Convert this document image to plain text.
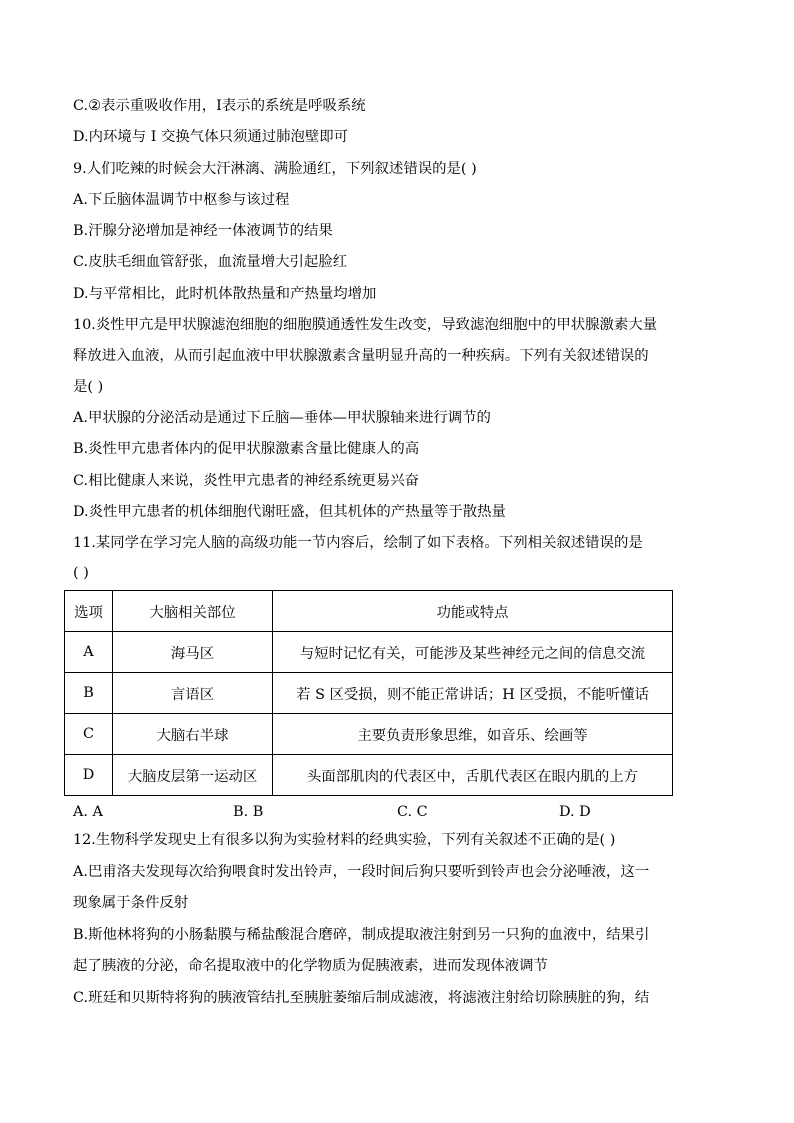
C.②表示重吸收作用，I表示的系统是呼吸系统
D.内环境与 I 交换气体只须通过肺泡壁即可
9.人们吃辣的时候会大汗淋漓、满脸通红，下列叙述错误的是( )
A.下丘脑体温调节中枢参与该过程
B.汗腺分泌增加是神经一体液调节的结果
C.皮肤毛细血管舒张，血流量增大引起脸红
D.与平常相比，此时机体散热量和产热量均增加
10.炎性甲亢是甲状腺滤泡细胞的细胞膜通透性发生改变，导致滤泡细胞中的甲状腺激素大量
释放进入血液，从而引起血液中甲状腺激素含量明显升高的一种疾病。下列有关叙述错误的
是( )
A.甲状腺的分泌活动是通过下丘脑—垂体—甲状腺轴来进行调节的
B.炎性甲亢患者体内的促甲状腺激素含量比健康人的高
C.相比健康人来说，炎性甲亢患者的神经系统更易兴奋
D.炎性甲亢患者的机体细胞代谢旺盛，但其机体的产热量等于散热量
11.某同学在学习完人脑的高级功能一节内容后，绘制了如下表格。下列相关叙述错误的是
( )
选项	大脑相关部位	功能或特点
A	海马区	与短时记忆有关，可能涉及某些神经元之间的信息交流
B	言语区	若 S 区受损，则不能正常讲话；H 区受损，不能听懂话
C	大脑右半球	主要负责形象思维，如音乐、绘画等
D	大脑皮层第一运动区	头面部肌肉的代表区中，舌肌代表区在眼内肌的上方
A. A	B. B	C. C	D. D
12.生物科学发现史上有很多以狗为实验材料的经典实验，下列有关叙述不正确的是( )
A.巴甫洛夫发现每次给狗喂食时发出铃声，一段时间后狗只要听到铃声也会分泌唾液，这一
现象属于条件反射
B.斯他林将狗的小肠黏膜与稀盐酸混合磨碎，制成提取液注射到另一只狗的血液中，结果引
起了胰液的分泌，命名提取液中的化学物质为促胰液素，进而发现体液调节
C.班廷和贝斯特将狗的胰液管结扎至胰脏萎缩后制成滤液，将滤液注射给切除胰脏的狗，结
